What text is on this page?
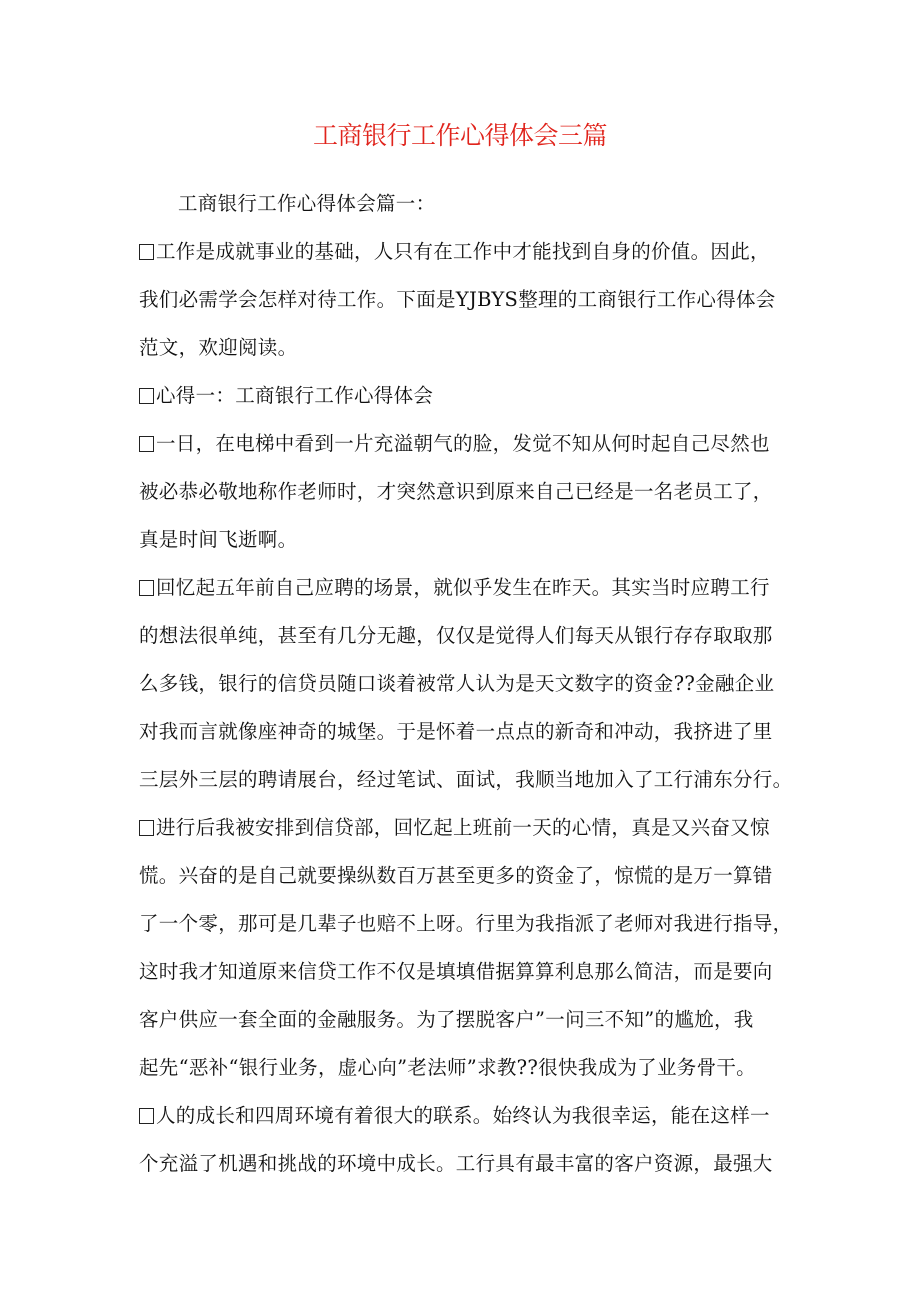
工商银行工作心得体会三篇

工商银行工作心得体会篇一：

工作是成就事业的基础，人只有在工作中才能找到自身的价值。因此，
我们必需学会怎样对待工作。下面是YJBYS整理的工商银行工作心得体会
范文，欢迎阅读。

心得一：工商银行工作心得体会

一日，在电梯中看到一片充溢朝气的脸，发觉不知从何时起自己尽然也
被必恭必敬地称作老师时，才突然意识到原来自己已经是一名老员工了，
真是时间飞逝啊。

回忆起五年前自己应聘的场景，就似乎发生在昨天。其实当时应聘工行
的想法很单纯，甚至有几分无趣，仅仅是觉得人们每天从银行存存取取那
么多钱，银行的信贷员随口谈着被常人认为是天文数字的资金??金融企业
对我而言就像座神奇的城堡。于是怀着一点点的新奇和冲动，我挤进了里
三层外三层的聘请展台，经过笔试、面试，我顺当地加入了工行浦东分行。

进行后我被安排到信贷部，回忆起上班前一天的心情，真是又兴奋又惊
慌。兴奋的是自己就要操纵数百万甚至更多的资金了，惊慌的是万一算错
了一个零，那可是几辈子也赔不上呀。行里为我指派了老师对我进行指导，
这时我才知道原来信贷工作不仅是填填借据算算利息那么简洁，而是要向
客户供应一套全面的金融服务。为了摆脱客户”一问三不知”的尴尬，我
起先“恶补“银行业务，虚心向”老法师”求教??很快我成为了业务骨干。

人的成长和四周环境有着很大的联系。始终认为我很幸运，能在这样一
个充溢了机遇和挑战的环境中成长。工行具有最丰富的客户资源，最强大
